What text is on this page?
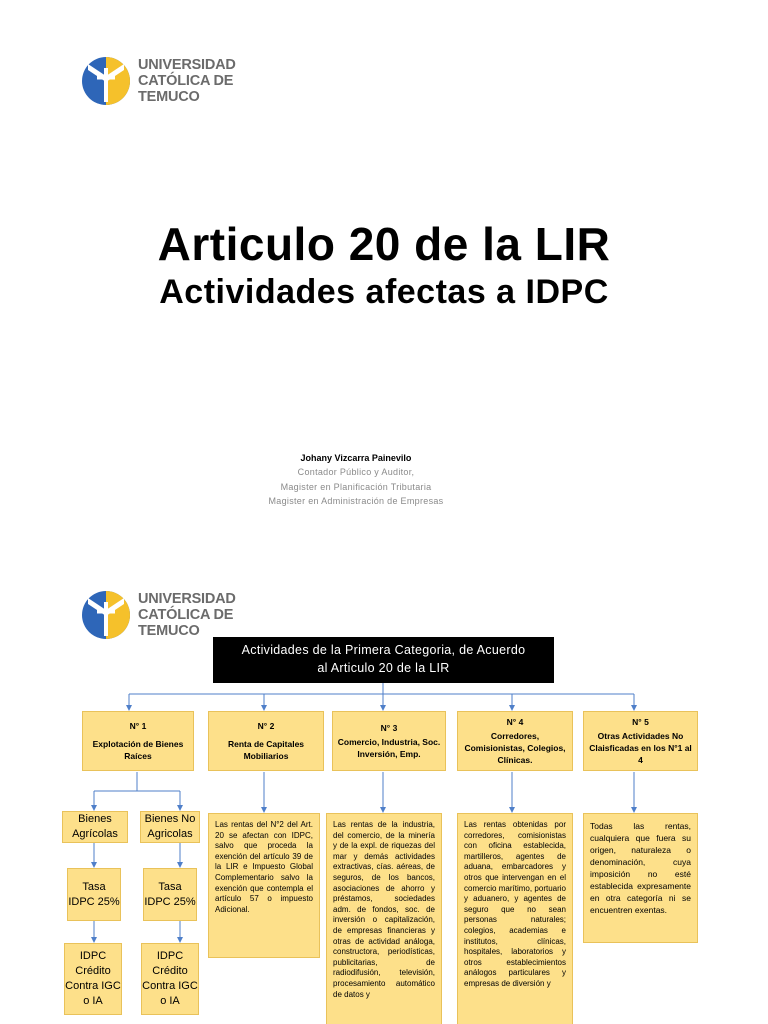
UNIVERSIDAD
CATÓLICA DE
TEMUCO
Articulo 20 de la LIR
Actividades afectas a IDPC
Johany Vizcarra Painevilo
Contador Público y Auditor,
Magister en Planificación Tributaria
Magister en Administración de Empresas
UNIVERSIDAD
CATÓLICA DE
TEMUCO
Actividades de la Primera Categoria, de Acuerdo
al Articulo 20 de la LIR
N° 1
Explotación de Bienes Raíces
N° 2
Renta de Capitales Mobiliarios
N° 3
Comercio, Industria, Soc. Inversión, Emp.
N° 4
Corredores, Comisionistas, Colegios, Clínicas.
N° 5
Otras Actividades No Claisficadas en los N°1 al 4
Bienes Agrícolas
Bienes No Agricolas
Tasa IDPC 25%
Tasa IDPC 25%
IDPC Crédito Contra IGC o IA
IDPC Crédito Contra IGC o IA
Las rentas del N°2 del Art. 20 se afectan con IDPC, salvo que proceda la exención del artículo 39 de la LIR e Impuesto Global Complementario salvo la exención que contempla el artículo 57 o impuesto Adicional.
Las rentas de la industria, del comercio, de la minería y de la expl. de riquezas del mar y demás actividades extractivas, cías. aéreas, de seguros, de los bancos, asociaciones de ahorro y préstamos, sociedades adm. de fondos, soc. de inversión o capitalización, de empresas financieras y otras de actividad análoga, constructora, periodísticas, publicitarias, de radiodifusión, televisión, procesamiento automático de datos y
Las rentas obtenidas por corredores, comisionistas con oficina establecida, martilleros, agentes de aduana, embarcadores y otros que intervengan en el comercio marítimo, portuario y aduanero, y agentes de seguro que no sean personas naturales; colegios, academias e institutos, clínicas, hospitales, laboratorios y otros establecimientos análogos particulares y empresas de diversión y
Todas las rentas, cualquiera que fuera su origen, naturaleza o denominación, cuya imposición no esté establecida expresamente en otra categoría ni se encuentren exentas.
